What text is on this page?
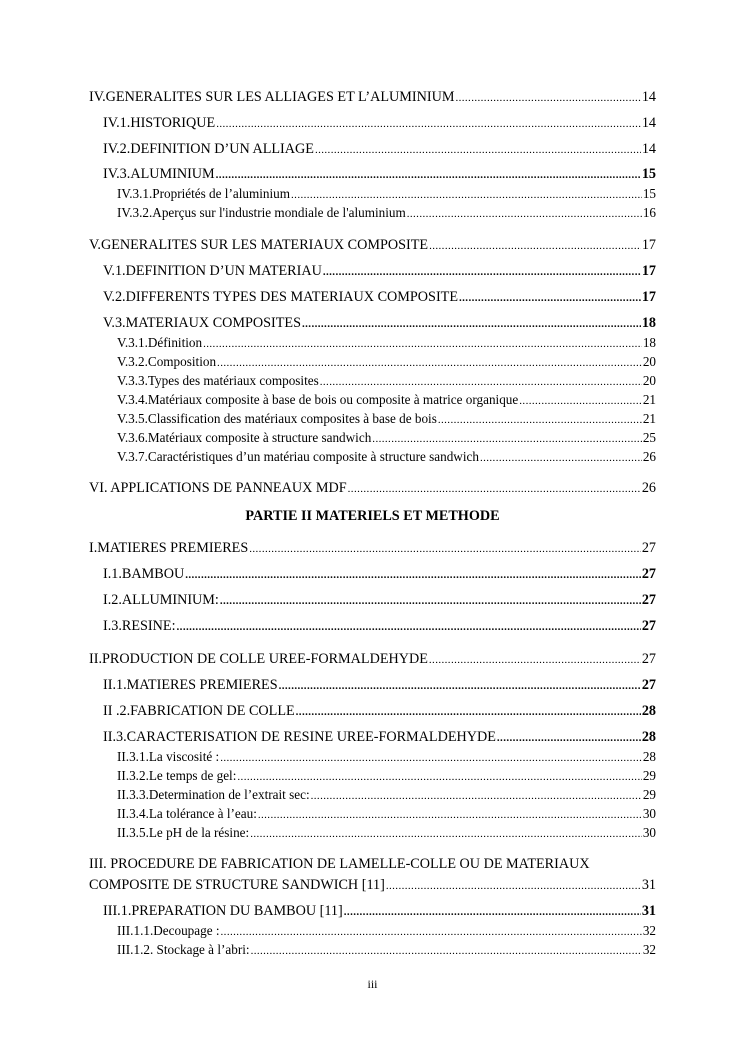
IV.GENERALITES SUR LES ALLIAGES ET L’ALUMINIUM .....	14
IV.1.HISTORIQUE .....	14
IV.2.DEFINITION D’UN ALLIAGE .....	14
IV.3.ALUMINIUM .....	15
IV.3.1.Propriétés de l’aluminium .....	15
IV.3.2.Aperçus sur l'industrie mondiale de l'aluminium .....	16
V.GENERALITES SUR LES MATERIAUX COMPOSITE .....	17
V.1.DEFINITION D’UN MATERIAU .....	17
V.2.DIFFERENTS TYPES DES MATERIAUX COMPOSITE .....	17
V.3.MATERIAUX COMPOSITES .....	18
V.3.1.Définition .....	18
V.3.2.Composition .....	20
V.3.3.Types des matériaux composites .....	20
V.3.4.Matériaux composite à base de bois ou composite à matrice organique .....	21
V.3.5.Classification des matériaux composites à base de bois .....	21
V.3.6.Matériaux composite à structure sandwich .....	25
V.3.7.Caractéristiques d’un matériau composite à structure sandwich .....	26
VI. APPLICATIONS DE PANNEAUX MDF .....	26
PARTIE II MATERIELS ET METHODE
I.MATIERES PREMIERES .....	27
I.1.BAMBOU .....	27
I.2.ALLUMINIUM: .....	27
I.3.RESINE: .....	27
II.PRODUCTION DE COLLE UREE-FORMALDEHYDE .....	27
II.1.MATIERES PREMIERES .....	27
II .2.FABRICATION DE COLLE .....	28
II.3.CARACTERISATION DE RESINE UREE-FORMALDEHYDE .....	28
II.3.1.La viscosité : .....	28
II.3.2.Le temps de gel: .....	29
II.3.3.Determination de l’extrait sec: .....	29
II.3.4.La tolérance à l’eau: .....	30
II.3.5.Le pH de la résine: .....	30
III. PROCEDURE DE FABRICATION DE LAMELLE-COLLE OU DE MATERIAUX
COMPOSITE DE STRUCTURE SANDWICH [11] .....	31
III.1.PREPARATION DU BAMBOU [11] .....	31
III.1.1.Decoupage : .....	32
III.1.2. Stockage à l’abri: .....	32
iii
